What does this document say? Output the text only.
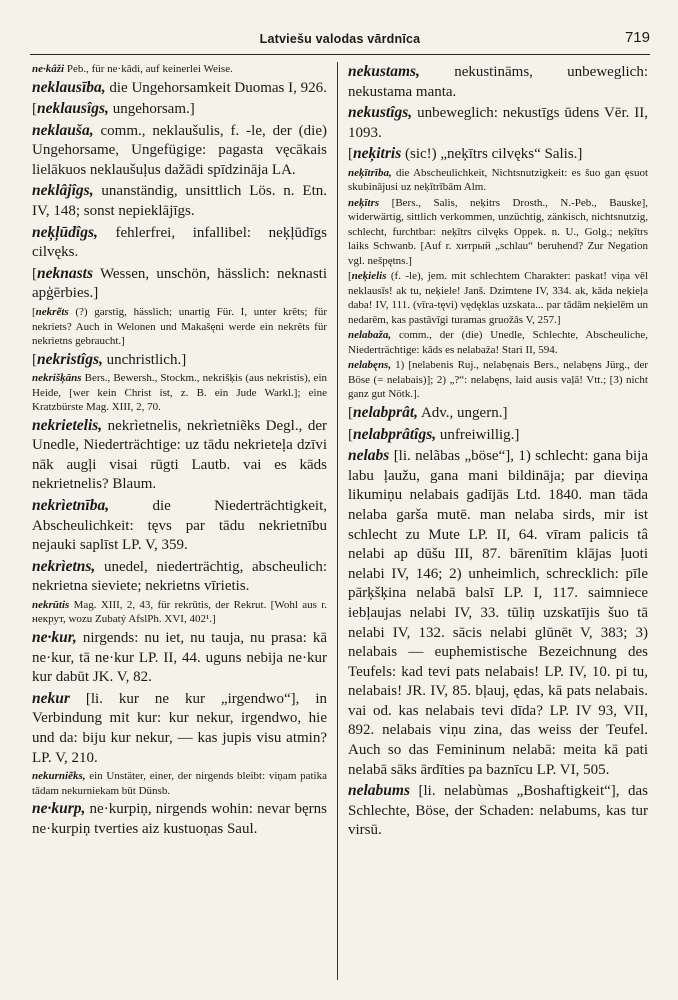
Latviešu valodas vārdnīca	719

ne·kâži Peb., für ne·kādi, auf keinerlei Weise.

neklausība, die Ungehorsamkeit Duomas I, 926.

[neklausîgs, ungehorsam.]

neklauša, comm., neklaušulis, f. -le, der (die) Ungehorsame, Ungefügige: pagasta vęcākais lielākuos neklaušuļus dažādi spīdzināja LA.

neklâjîgs, unanständig, unsittlich Lös. n. Etn. IV, 148; sonst nepieklājīgs.

neķļūdîgs, fehlerfrei, infallibel: neķļūdīgs cilvęks.

[neknasts Wessen, unschön, hässlich: neknasti apģērbies.]

[nekrẽts (?) garstig, hässlich; unartig Für. I, unter krẽts; für nekriets? Auch in Welonen und Makašęni werde ein nekrẽts für nekrietns gebraucht.]

[nekristîgs, unchristlich.]

nekrišķāns Bers., Bewersh., Stockm., nekrišķis (aus nekristis), ein Heide, [wer kein Christ ist, z. B. ein Jude Warkl.]; eine Kratzbürste Mag. XIII, 2, 70.

nekrietelis, nekrìetnelis, nekrìetniẽks Degl., der Unedle, Niederträchtige: uz tādu nekrieteļa dzīvi nāk augļi visai rūgti Lautb. vai es kāds nekrietnelis? Blaum.

nekrìetnība, die Niederträchtigkeit, Abscheulichkeit: tęvs par tādu nekrietnību nejauki saplīst LP. V, 359.

nekrìetns, unedel, niederträchtig, abscheulich: nekrietna sieviete; nekrietns vīrietis.

nekrūtis Mag. XIII, 2, 43, für rekrūtis, der Rekrut. [Wohl aus r. некрут, wozu Zubatý AfslPh. XVI, 402¹.]

ne·kur, nirgends: nu iet, nu tauja, nu prasa: kā ne·kur, tā ne·kur LP. II, 44. uguns nebija ne·kur kur dabūt JK. V, 82.

nekur [li. kur ne kur „irgendwo“], in Verbindung mit kur: kur nekur, irgendwo, hie und da: biju kur nekur, — kas jupis visu atmin? LP. V, 210.

nekurniẽks, ein Unstäter, einer, der nirgends bleibt: viņam patika tādam nekurniekam būt Dünsb.

ne·kurp, ne·kurpiņ, nirgends wohin: nevar bęrns ne·kurpiņ tverties aiz kustuoņas Saul.

nekustams, nekustināms, unbeweglich: nekustama manta.

nekustîgs, unbeweglich: nekustīgs ūdens Vēr. II, 1093.

[neķitris (sic!) „neķītrs cilvęks“ Salis.]

neķītrība, die Abscheulichkeit, Nichtsnutzigkeit: es šuo gan ęsuot skubinājusi uz neķītrībām Alm.

neķītrs [Bers., Salis, neķitrs Drosth., N.-Peb., Bauske], widerwärtig, sittlich verkommen, unzüchtig, zänkisch, nichtsnutzig, schlecht, furchtbar: neķītrs cilvęks Oppek. n. U., Golg.; neķītrs laiks Schwanb. [Auf r. хитрый „schlau“ beruhend? Zur Negation vgl. nešpętns.]

[neķielis (f. -le), jem. mit schlechtem Charakter: paskat! viņa vēl neklausīs! ak tu, neķiele! Janš. Dzimtene IV, 334. ak, kāda neķieļa daba! IV, 111. (vīra-tęvi) vędęklas uzskata... par tādām neķielēm un nedarēm, kas pastāvīgi turamas gruožās V, 257.]

nelabaža, comm., der (die) Unedle, Schlechte, Abscheuliche, Niederträchtige: kāds es nelabaža! Stari II, 594.

nelabęns, 1) [nelabenis Ruj., nelabęnais Bers., nelabęns Jürg., der Böse (= nelabais)]; 2) „?“: nelabęns, laid ausis vaļā! Vtt.; [3) nicht ganz gut Nötk.].

[nelabprât, Adv., ungern.]

[nelabprâtîgs, unfreiwillig.]

nelabs [li. nelãbas „böse“], 1) schlecht: gana bija labu ļaužu, gana mani bildināja; par dieviņa likumiņu nelabais gadījās Ltd. 1840. man tāda nelaba garša mutē. man nelaba sirds, mir ist schlecht zu Mute LP. II, 64. vīram palicis tâ nelabi ap dūšu III, 87. bārenītim klājas ļuoti nelabi IV, 146; 2) unheimlich, schrecklich: pīle pārķšķina nelabā balsī LP. I, 117. saimniece iebļaujas nelabi IV, 33. tūliņ uzskatījis šuo tā nelabi IV, 132. sācis nelabi glūnēt V, 383; 3) nelabais — euphemistische Bezeichnung des Teufels: kad tevi pats nelabais! LP. IV, 10. pi tu, nelabais! JR. IV, 85. bļauj, ędas, kā pats nelabais. vai od. kas nelabais tevi dīda? LP. IV 93, VII, 892. nelabais viņu zina, das weiss der Teufel. Auch so das Femininum nelabā: meita kā pati nelabā sāks ārdīties pa baznīcu LP. VI, 505.

nelabums [li. nelabùmas „Boshaftigkeit“], das Schlechte, Böse, der Schaden: nelabums, kas tur virsū.
